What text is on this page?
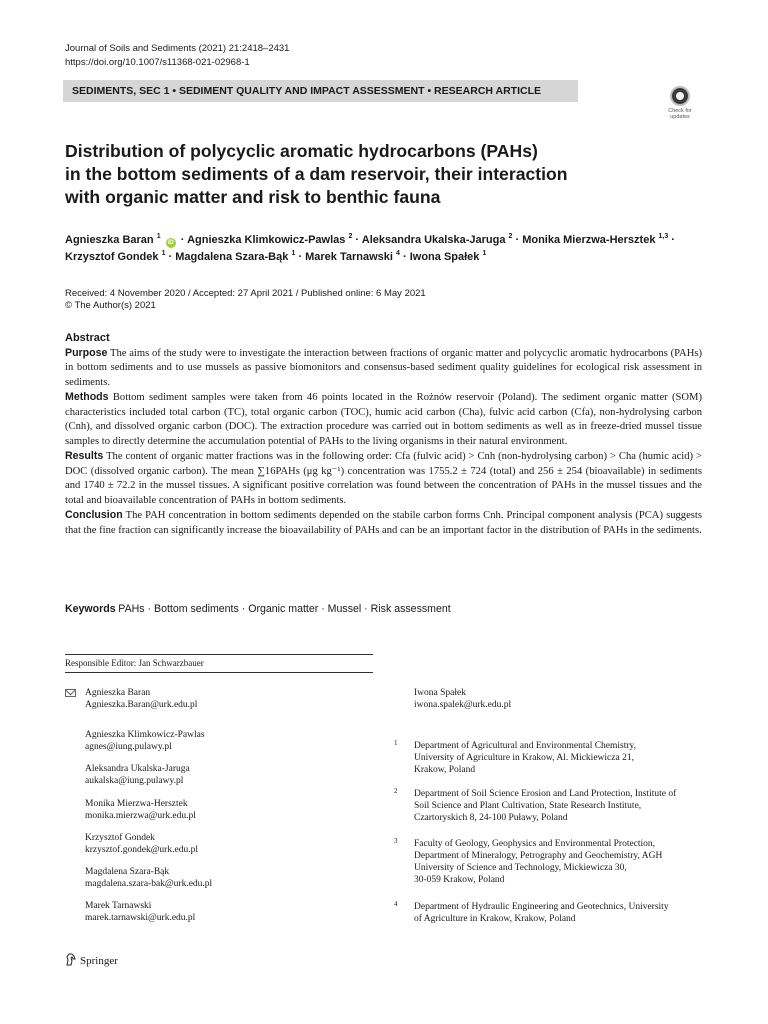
Journal of Soils and Sediments (2021) 21:2418–2431
https://doi.org/10.1007/s11368-021-02968-1
SEDIMENTS, SEC 1 • SEDIMENT QUALITY AND IMPACT ASSESSMENT • RESEARCH ARTICLE
Check for updates
Distribution of polycyclic aromatic hydrocarbons (PAHs)
in the bottom sediments of a dam reservoir, their interaction
with organic matter and risk to benthic fauna
Agnieszka Baran $^1$ iD · Agnieszka Klimkowicz-Pawlas $^2$ · Aleksandra Ukalska-Jaruga $^2$ · Monika Mierzwa-Hersztek $^{1,3}$ ·
Krzysztof Gondek $^1$ · Magdalena Szara-Bąk $^1$ · Marek Tarnawski $^4$ · Iwona Spałek $^1$
Received: 4 November 2020 / Accepted: 27 April 2021 / Published online: 6 May 2021
© The Author(s) 2021
Abstract

Purpose The aims of the study were to investigate the interaction between fractions of organic matter and polycyclic aromatic hydrocarbons (PAHs) in bottom sediments and to use mussels as passive biomonitors and consensus-based sediment quality guidelines for ecological risk assessment in sediments.

Methods Bottom sediment samples were taken from 46 points located in the Rożnów reservoir (Poland). The sediment organic matter (SOM) characteristics included total carbon (TC), total organic carbon (TOC), humic acid carbon (Cha), fulvic acid carbon (Cfa), non-hydrolysing carbon (Cnh), and dissolved organic carbon (DOC). The extraction procedure was carried out in bottom sediments as well as in freeze-dried mussel tissue samples to directly determine the accumulation potential of PAHs to the living organisms in their natural environment.

Results The content of organic matter fractions was in the following order: Cfa (fulvic acid) > Cnh (non-hydrolysing carbon) > Cha (humic acid) > DOC (dissolved organic carbon). The mean ∑16PAHs (μg kg⁻¹) concentration was 1755.2 ± 724 (total) and 256 ± 254 (bioavailable) in sediments and 1740 ± 72.2 in the mussel tissues. A significant positive correlation was found between the concentration of PAHs in the mussel tissues and the total and bioavailable concentration of PAHs in bottom sediments.

Conclusion The PAH concentration in bottom sediments depended on the stabile carbon forms Cnh. Principal component analysis (PCA) suggests that the fine fraction can significantly increase the bioavailability of PAHs and can be an important factor in the distribution of PAHs in the sediments.

Keywords PAHs · Bottom sediments · Organic matter · Mussel · Risk assessment
Responsible Editor: Jan Schwarzbauer
Agnieszka Baran
Agnieszka.Baran@urk.edu.pl
Agnieszka Klimkowicz-Pawlas
agnes@iung.pulawy.pl
Aleksandra Ukalska-Jaruga
aukalska@iung.pulawy.pl
Monika Mierzwa-Hersztek
monika.mierzwa@urk.edu.pl
Krzysztof Gondek
krzysztof.gondek@urk.edu.pl
Magdalena Szara-Bąk
magdalena.szara-bak@urk.edu.pl
Marek Tarnawski
marek.tarnawski@urk.edu.pl
Iwona Spałek
iwona.spalek@urk.edu.pl
1 Department of Agricultural and Environmental Chemistry,
University of Agriculture in Krakow, Al. Mickiewicza 21,
Krakow, Poland
2 Department of Soil Science Erosion and Land Protection, Institute of
Soil Science and Plant Cultivation, State Research Institute,
Czartoryskich 8, 24-100 Puławy, Poland
3 Faculty of Geology, Geophysics and Environmental Protection,
Department of Mineralogy, Petrography and Geochemistry, AGH
University of Science and Technology, Mickiewicza 30,
30-059 Krakow, Poland
4 Department of Hydraulic Engineering and Geotechnics, University
of Agriculture in Krakow, Krakow, Poland
Springer
